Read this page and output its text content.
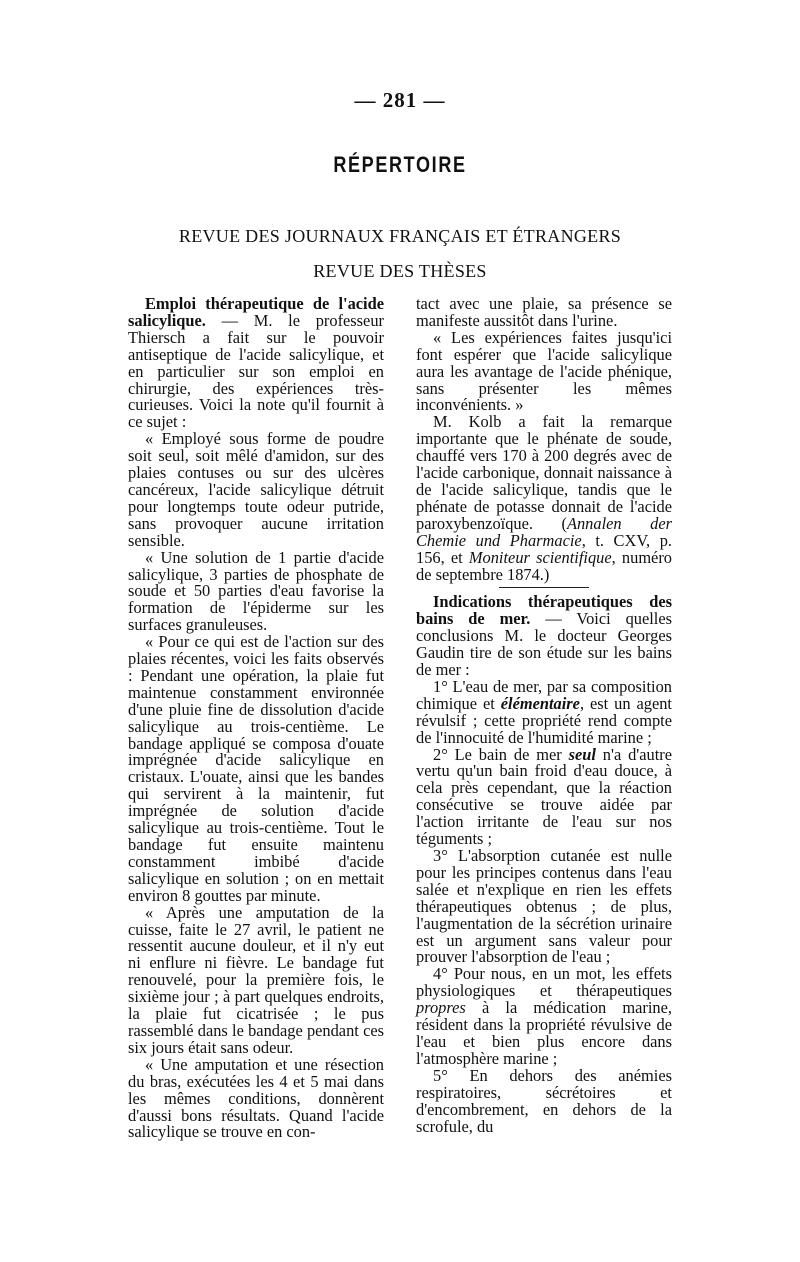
— 281 —
RÉPERTOIRE
REVUE DES JOURNAUX FRANÇAIS ET ÉTRANGERS
REVUE DES THÈSES

Emploi thérapeutique de l'acide salicylique. — M. le professeur Thiersch a fait sur le pouvoir antiseptique de l'acide salicylique, et en particulier sur son emploi en chirurgie, des expériences très-curieuses. Voici la note qu'il fournit à ce sujet :

« Employé sous forme de poudre soit seul, soit mêlé d'amidon, sur des plaies contuses ou sur des ulcères cancéreux, l'acide salicylique détruit pour longtemps toute odeur putride, sans provoquer aucune irritation sensible.

« Une solution de 1 partie d'acide salicylique, 3 parties de phosphate de soude et 50 parties d'eau favorise la formation de l'épiderme sur les surfaces granuleuses.

« Pour ce qui est de l'action sur des plaies récentes, voici les faits observés : Pendant une opération, la plaie fut maintenue constamment environnée d'une pluie fine de dissolution d'acide salicylique au trois-centième. Le bandage appliqué se composa d'ouate imprégnée d'acide salicylique en cristaux. L'ouate, ainsi que les bandes qui servirent à la maintenir, fut imprégnée de solution d'acide salicylique au trois-centième. Tout le bandage fut ensuite maintenu constamment imbibé d'acide salicylique en solution ; on en mettait environ 8 gouttes par minute.

« Après une amputation de la cuisse, faite le 27 avril, le patient ne ressentit aucune douleur, et il n'y eut ni enflure ni fièvre. Le bandage fut renouvelé, pour la première fois, le sixième jour ; à part quelques endroits, la plaie fut cicatrisée ; le pus rassemblé dans le bandage pendant ces six jours était sans odeur.

« Une amputation et une résection du bras, exécutées les 4 et 5 mai dans les mêmes conditions, donnèrent d'aussi bons résultats. Quand l'acide salicylique se trouve en con-

tact avec une plaie, sa présence se manifeste aussitôt dans l'urine.

« Les expériences faites jusqu'ici font espérer que l'acide salicylique aura les avantage de l'acide phénique, sans présenter les mêmes inconvénients. »

M. Kolb a fait la remarque importante que le phénate de soude, chauffé vers 170 à 200 degrés avec de l'acide carbonique, donnait naissance à de l'acide salicylique, tandis que le phénate de potasse donnait de l'acide paroxybenzoïque. (Annalen der Chemie und Pharmacie, t. CXV, p. 156, et Moniteur scientifique, numéro de septembre 1874.)

Indications thérapeutiques des bains de mer. — Voici quelles conclusions M. le docteur Georges Gaudin tire de son étude sur les bains de mer :

1° L'eau de mer, par sa composition chimique et élémentaire, est un agent révulsif ; cette propriété rend compte de l'innocuité de l'humidité marine ;

2° Le bain de mer seul n'a d'autre vertu qu'un bain froid d'eau douce, à cela près cependant, que la réaction consécutive se trouve aidée par l'action irritante de l'eau sur nos téguments ;

3° L'absorption cutanée est nulle pour les principes contenus dans l'eau salée et n'explique en rien les effets thérapeutiques obtenus ; de plus, l'augmentation de la sécrétion urinaire est un argument sans valeur pour prouver l'absorption de l'eau ;

4° Pour nous, en un mot, les effets physiologiques et thérapeutiques propres à la médication marine, résident dans la propriété révulsive de l'eau et bien plus encore dans l'atmosphère marine ;

5° En dehors des anémies respiratoires, sécrétoires et d'encombrement, en dehors de la scrofule, du
